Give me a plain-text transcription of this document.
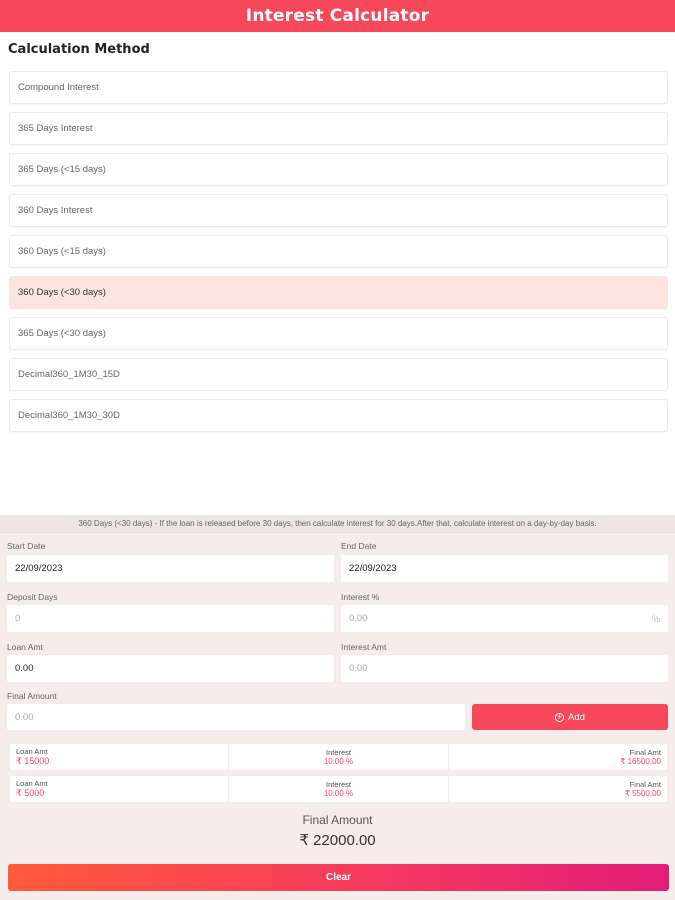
Interest Calculator
Calculation Method
Compound Interest
365 Days Interest
365 Days (<15 days)
360 Days Interest
360 Days (<15 days)
360 Days (<30 days)
365 Days (<30 days)
Decimal360_1M30_15D
Decimal360_1M30_30D
360 Days (<30 days) - If the loan is released before 30 days, then calculate interest for 30 days.After that, calculate interest on a day-by-day basis.
Start Date
22/09/2023
End Date
22/09/2023
Deposit Days
0
Interest %
0.00	%
Loan Amt
0.00
Interest Amt
0.00
Final Amount
0.00	+ Add
Loan Amt
₹ 15000
Interest
10.00 %
Final Amt
₹ 16500.00
Loan Amt
₹ 5000
Interest
10.00 %
Final Amt
₹ 5500.00
Final Amount
₹ 22000.00
Clear
